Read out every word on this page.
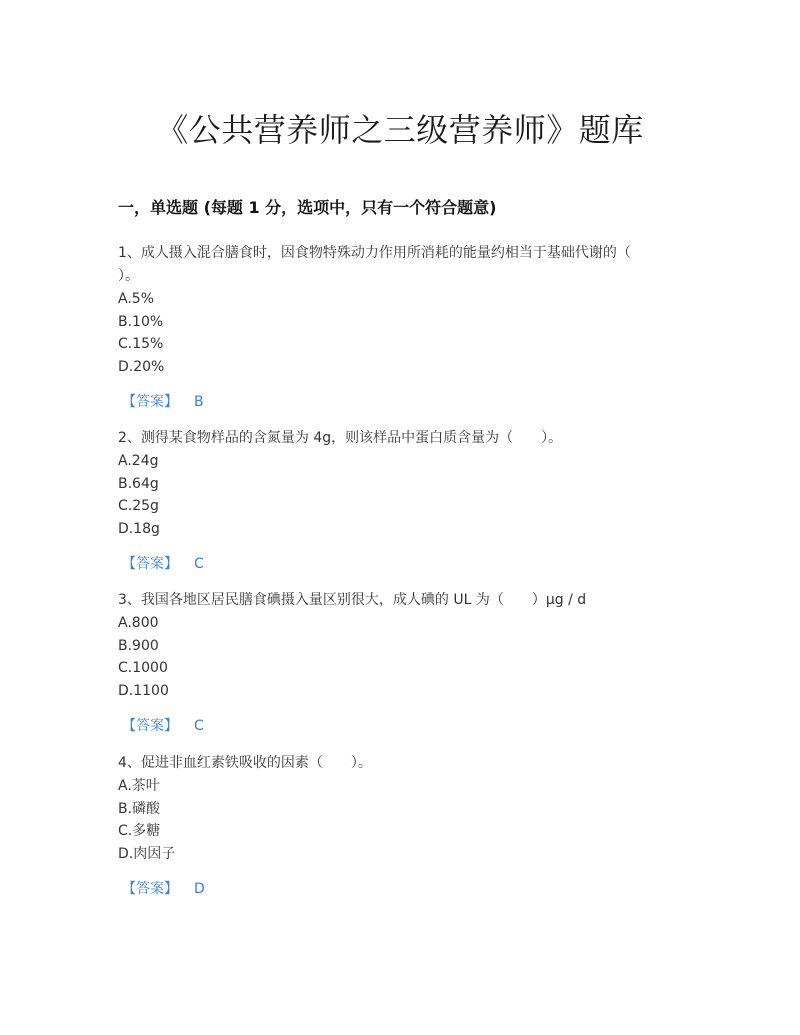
《公共营养师之三级营养师》题库
一，单选题 (每题 1 分，选项中，只有一个符合题意)
1、成人摄入混合膳食时，因食物特殊动力作用所消耗的能量约相当于基础代谢的（
）。
A.5%
B.10%
C.15%
D.20%
【答案】 B
2、测得某食物样品的含氮量为 4g，则该样品中蛋白质含量为（　　）。
A.24g
B.64g
C.25g
D.18g
【答案】 C
3、我国各地区居民膳食碘摄入量区别很大，成人碘的 UL 为（　　）μg / d
A.800
B.900
C.1000
D.1100
【答案】 C
4、促进非血红素铁吸收的因素（　　）。
A.茶叶
B.磷酸
C.多糖
D.肉因子
【答案】 D
